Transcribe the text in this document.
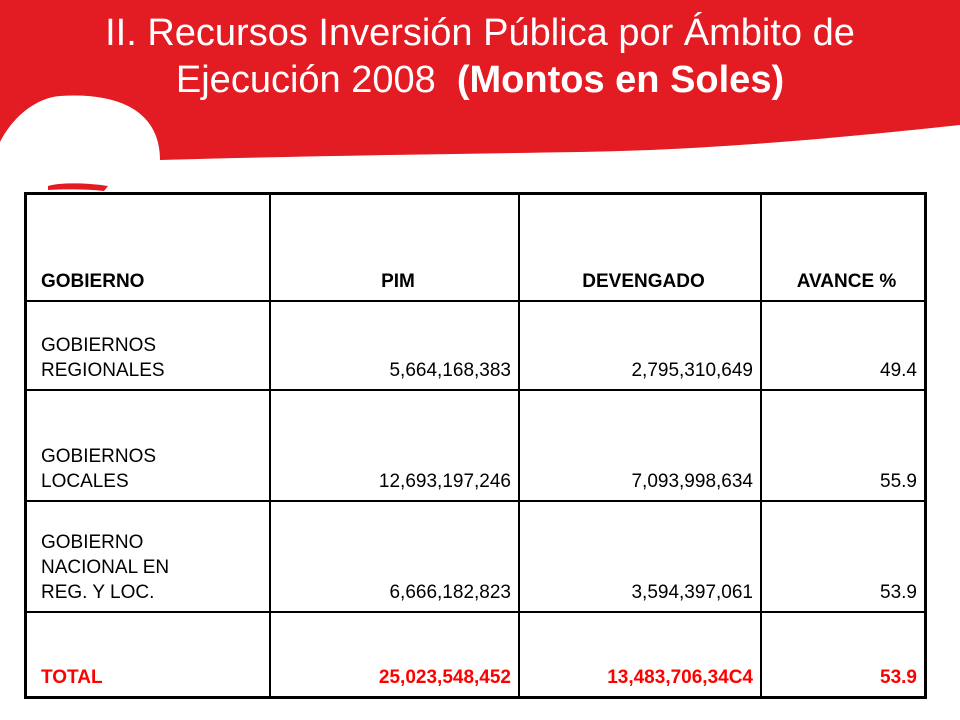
II. Recursos Inversión Pública por Ámbito de
Ejecución 2008  (Montos en Soles)
GOBIERNO	PIM	DEVENGADO	AVANCE %

GOBIERNOS
REGIONALES	5,664,168,383	2,795,310,649	49.4

GOBIERNOS
LOCALES	12,693,197,246	7,093,998,634	55.9

GOBIERNO
NACIONAL EN
REG. Y LOC.	6,666,182,823	3,594,397,061	53.9
TOTAL	25,023,548,452	13,483,706,34C4	53.9
